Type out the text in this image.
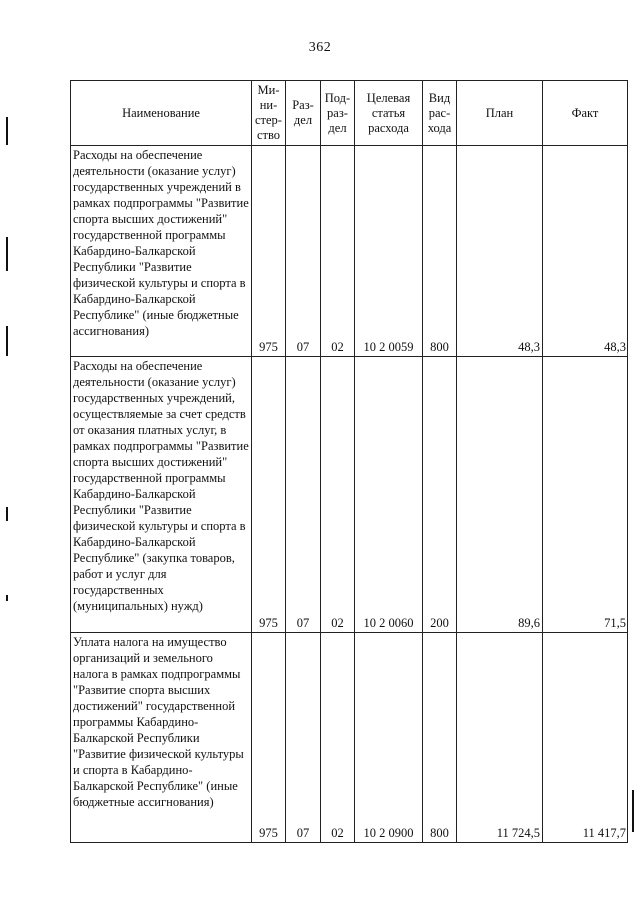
362
Наименование	Ми- ни- стер- ство	Раз- дел	Под- раз- дел	Целевая статья расхода	Вид рас- хода	План	Факт
Расходы на обеспечение деятельности (оказание услуг) государственных учреждений в рамках подпрограммы "Развитие спорта высших достижений" государственной программы Кабардино-Балкарской Республики "Развитие физической культуры и спорта в Кабардино-Балкарской Республике" (иные бюджетные ассигнования)	975	07	02	10 2 0059	800	48,3	48,3
Расходы на обеспечение деятельности (оказание услуг) государственных учреждений, осуществляемые за счет средств от оказания платных услуг, в рамках подпрограммы "Развитие спорта высших достижений" государственной программы Кабардино-Балкарской Республики "Развитие физической культуры и спорта в Кабардино-Балкарской Республике" (закупка товаров, работ и услуг для государственных (муниципальных) нужд)	975	07	02	10 2 0060	200	89,6	71,5
Уплата налога на имущество организаций и земельного налога в рамках подпрограммы "Развитие спорта высших достижений" государственной программы Кабардино-Балкарской Республики "Развитие физической культуры и спорта в Кабардино-Балкарской Республике" (иные бюджетные ассигнования)	975	07	02	10 2 0900	800	11 724,5	11 417,7
